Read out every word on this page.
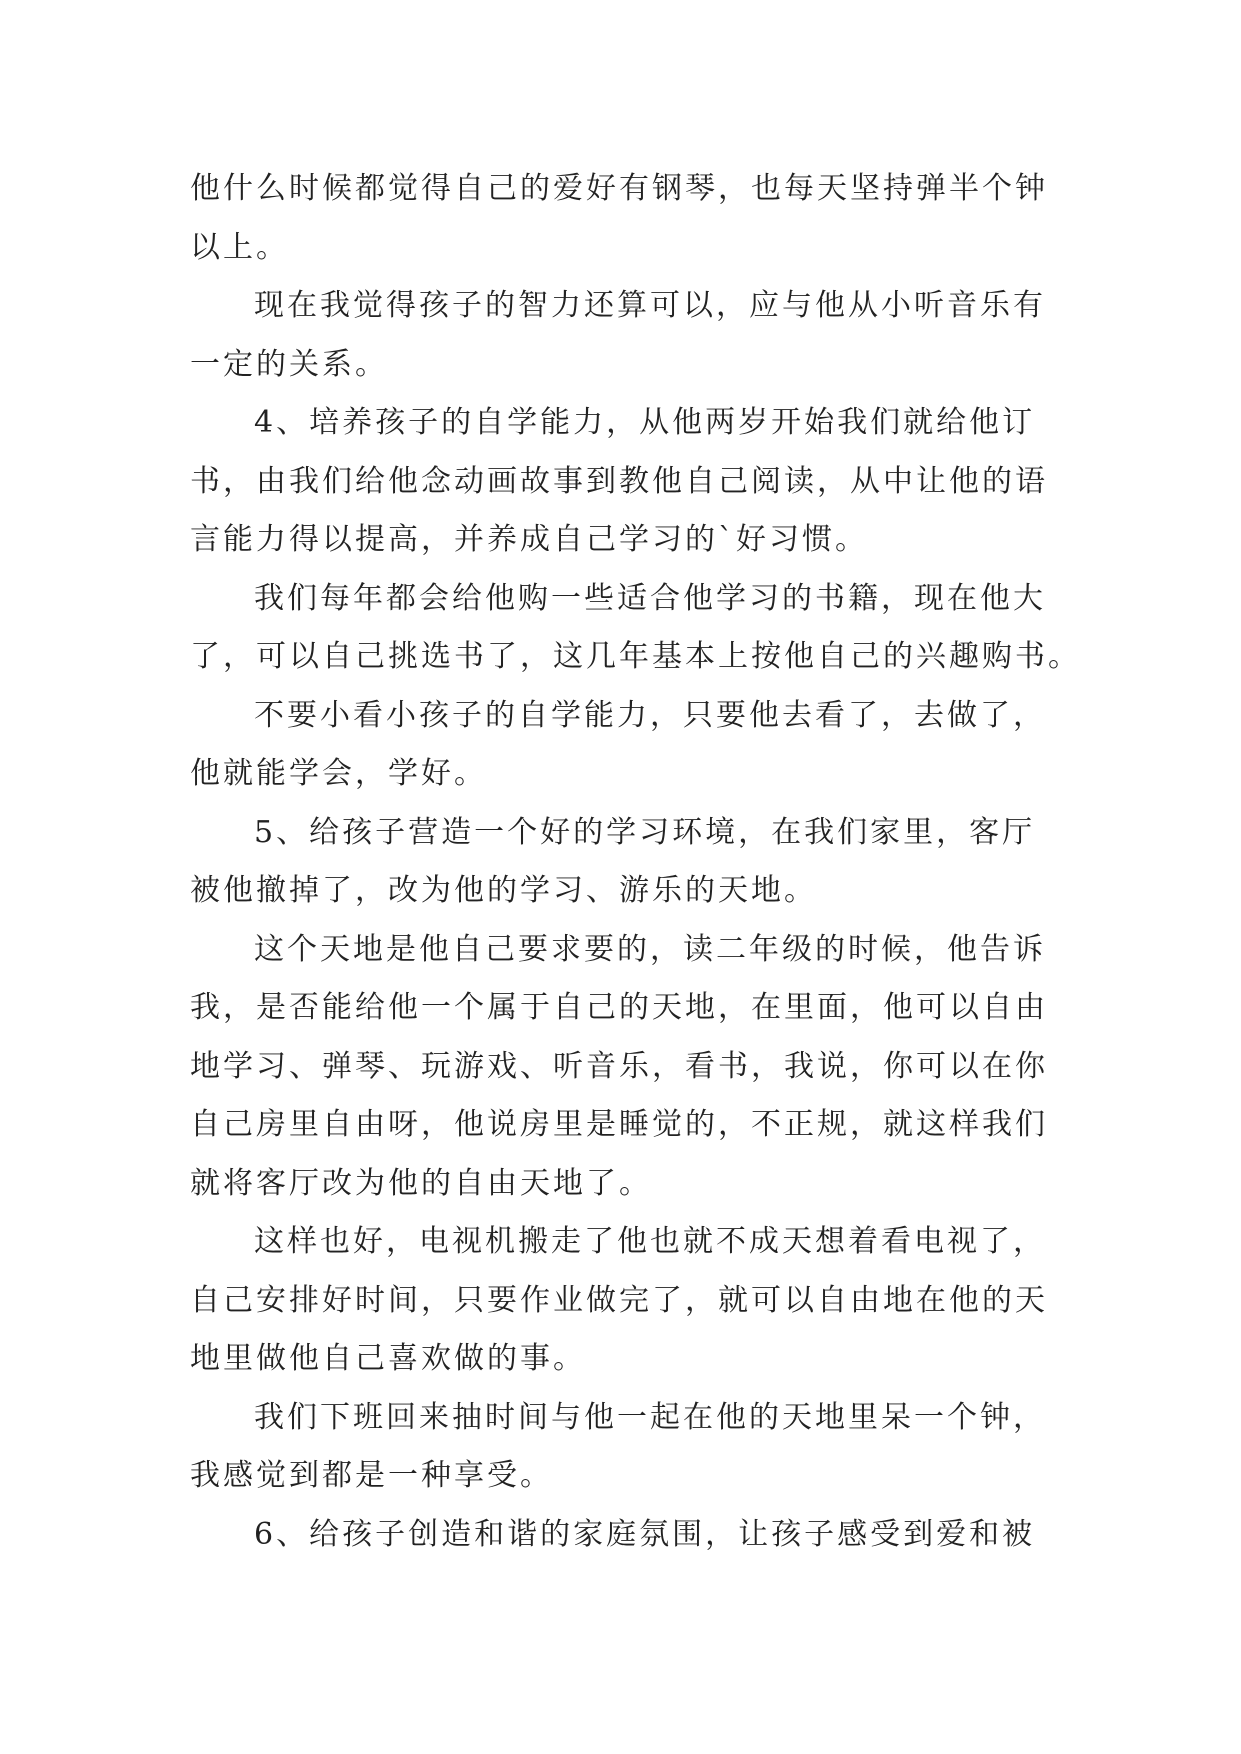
他什么时候都觉得自己的爱好有钢琴，也每天坚持弹半个钟
以上。
现在我觉得孩子的智力还算可以，应与他从小听音乐有
一定的关系。
4、培养孩子的自学能力，从他两岁开始我们就给他订
书，由我们给他念动画故事到教他自己阅读，从中让他的语
言能力得以提高，并养成自己学习的`好习惯。
我们每年都会给他购一些适合他学习的书籍，现在他大
了，可以自己挑选书了，这几年基本上按他自己的兴趣购书。
不要小看小孩子的自学能力，只要他去看了，去做了，
他就能学会，学好。
5、给孩子营造一个好的学习环境，在我们家里，客厅
被他撤掉了，改为他的学习、游乐的天地。
这个天地是他自己要求要的，读二年级的时候，他告诉
我，是否能给他一个属于自己的天地，在里面，他可以自由
地学习、弹琴、玩游戏、听音乐，看书，我说，你可以在你
自己房里自由呀，他说房里是睡觉的，不正规，就这样我们
就将客厅改为他的自由天地了。
这样也好，电视机搬走了他也就不成天想着看电视了，
自己安排好时间，只要作业做完了，就可以自由地在他的天
地里做他自己喜欢做的事。
我们下班回来抽时间与他一起在他的天地里呆一个钟，
我感觉到都是一种享受。
6、给孩子创造和谐的家庭氛围，让孩子感受到爱和被
